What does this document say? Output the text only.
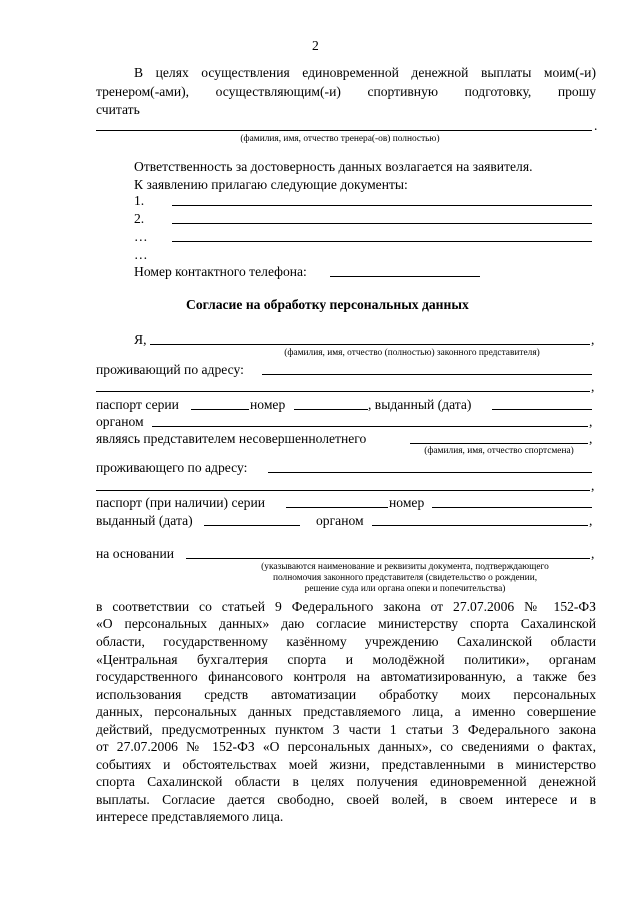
2
В целях осуществления единовременной денежной выплаты моим(-и)
тренером(-ами), осуществляющим(-и) спортивную подготовку, прошу
считать
.
(фамилия, имя, отчество тренера(-ов) полностью)
Ответственность за достоверность данных возлагается на заявителя.
К заявлению прилагаю следующие документы:
1.
2.
…
…
Номер контактного телефона:
Согласие на обработку персональных данных
Я,	,
(фамилия, имя, отчество (полностью) законного представителя)
проживающий по адресу:
,
паспорт серии	номер	, выданный (дата)
органом	,
являясь представителем несовершеннолетнего	,
(фамилия, имя, отчество спортсмена)
проживающего по адресу:
,
паспорт (при наличии) серии	номер
выданный (дата)	органом	,
на основании	,
(указываются наименование и реквизиты документа, подтверждающего
полномочия законного представителя (свидетельство о рождении,
решение суда или органа опеки и попечительства)
в соответствии со статьей 9 Федерального закона от 27.07.2006 № 152-ФЗ
«О персональных данных» даю согласие министерству спорта Сахалинской
области, государственному казённому учреждению Сахалинской области
«Центральная бухгалтерия спорта и молодёжной политики», органам
государственного финансового контроля на автоматизированную, а также без
использования средств автоматизации обработку моих персональных
данных, персональных данных представляемого лица, а именно совершение
действий, предусмотренных пунктом 3 части 1 статьи 3 Федерального закона
от 27.07.2006 № 152-ФЗ «О персональных данных», со сведениями о фактах,
событиях и обстоятельствах моей жизни, представленными в министерство
спорта Сахалинской области в целях получения единовременной денежной
выплаты. Согласие дается свободно, своей волей, в своем интересе и в
интересе представляемого лица.
